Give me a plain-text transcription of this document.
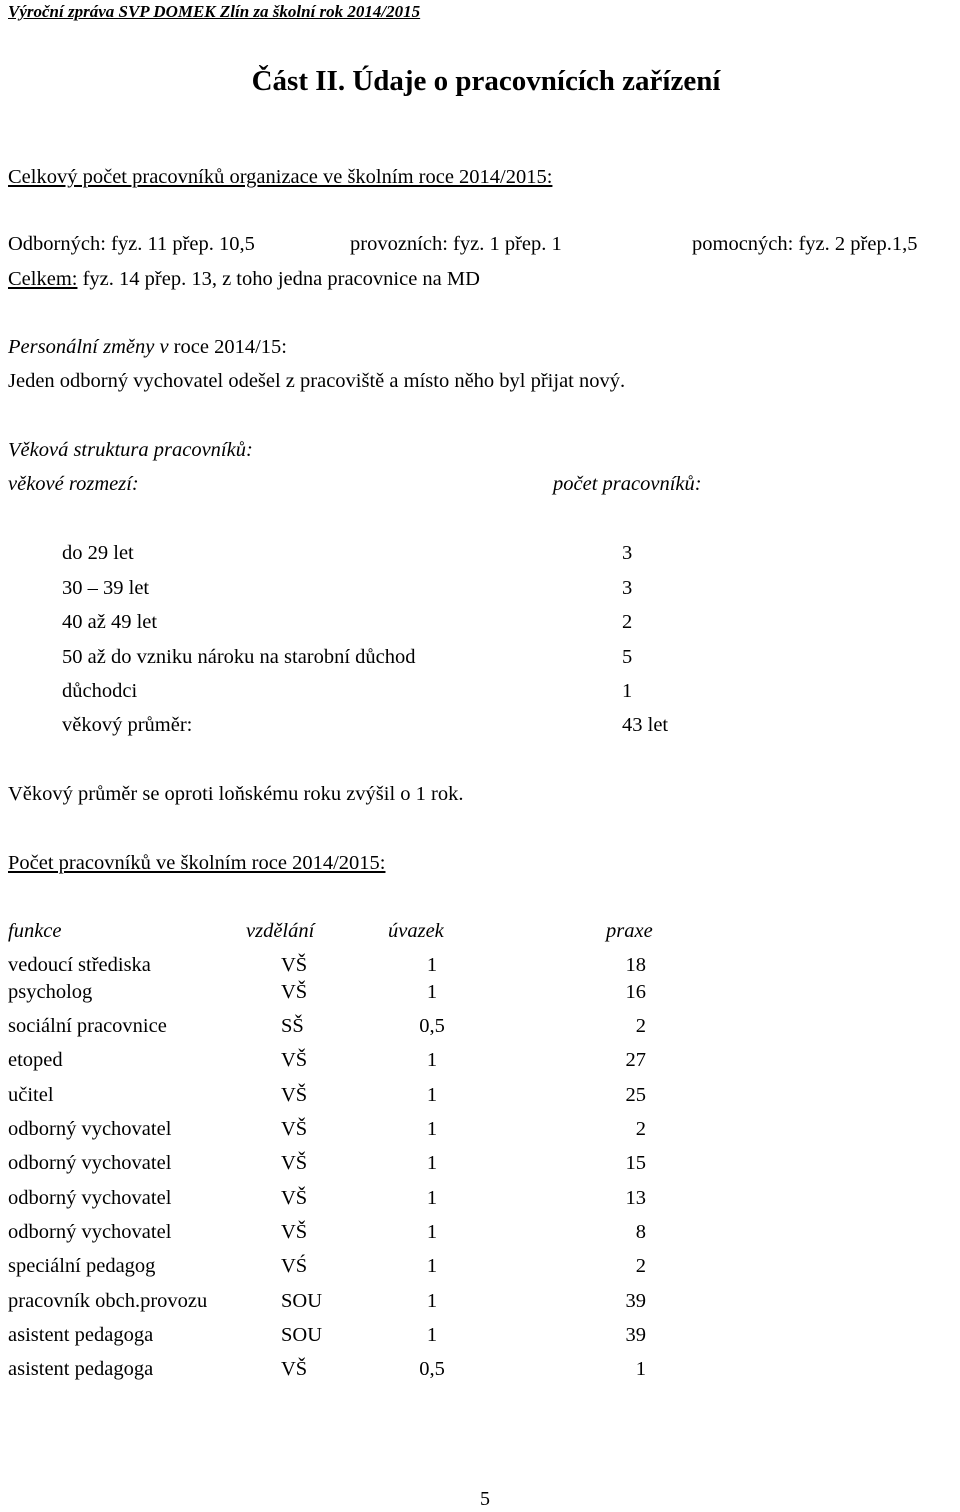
Výroční zpráva SVP DOMEK Zlín za školní rok 2014/2015
Část II. Údaje o pracovnících zařízení
Celkový počet pracovníků organizace ve školním roce 2014/2015:
Odborných: fyz. 11 přep. 10,5	provozních: fyz. 1 přep. 1	pomocných: fyz. 2 přep.1,5
Celkem: fyz. 14 přep. 13, z toho jedna pracovnice na MD
Personální změny v roce 2014/15:
Jeden odborný vychovatel odešel z pracoviště a místo něho byl přijat nový.
Věková struktura pracovníků:
věkové rozmezí:	počet pracovníků:
do 29 let	3
30 – 39 let	3
40 až 49 let	2
50 až do vzniku nároku na starobní důchod	5
důchodci	1
věkový průměr:	43 let
Věkový průměr se oproti loňskému roku zvýšil o 1 rok.
Počet pracovníků ve školním roce 2014/2015:
funkce	vzdělání	úvazek	praxe
vedoucí střediska	VŠ	1	18
psycholog	VŠ	1	16
sociální pracovnice	SŠ	0,5	2
etoped	VŠ	1	27
učitel	VŠ	1	25
odborný vychovatel	VŠ	1	2
odborný vychovatel	VŠ	1	15
odborný vychovatel	VŠ	1	13
odborný vychovatel	VŠ	1	8
speciální pedagog	VŚ	1	2
pracovník obch.provozu	SOU	1	39
asistent pedagoga	SOU	1	39
asistent pedagoga	VŠ	0,5	1
5
